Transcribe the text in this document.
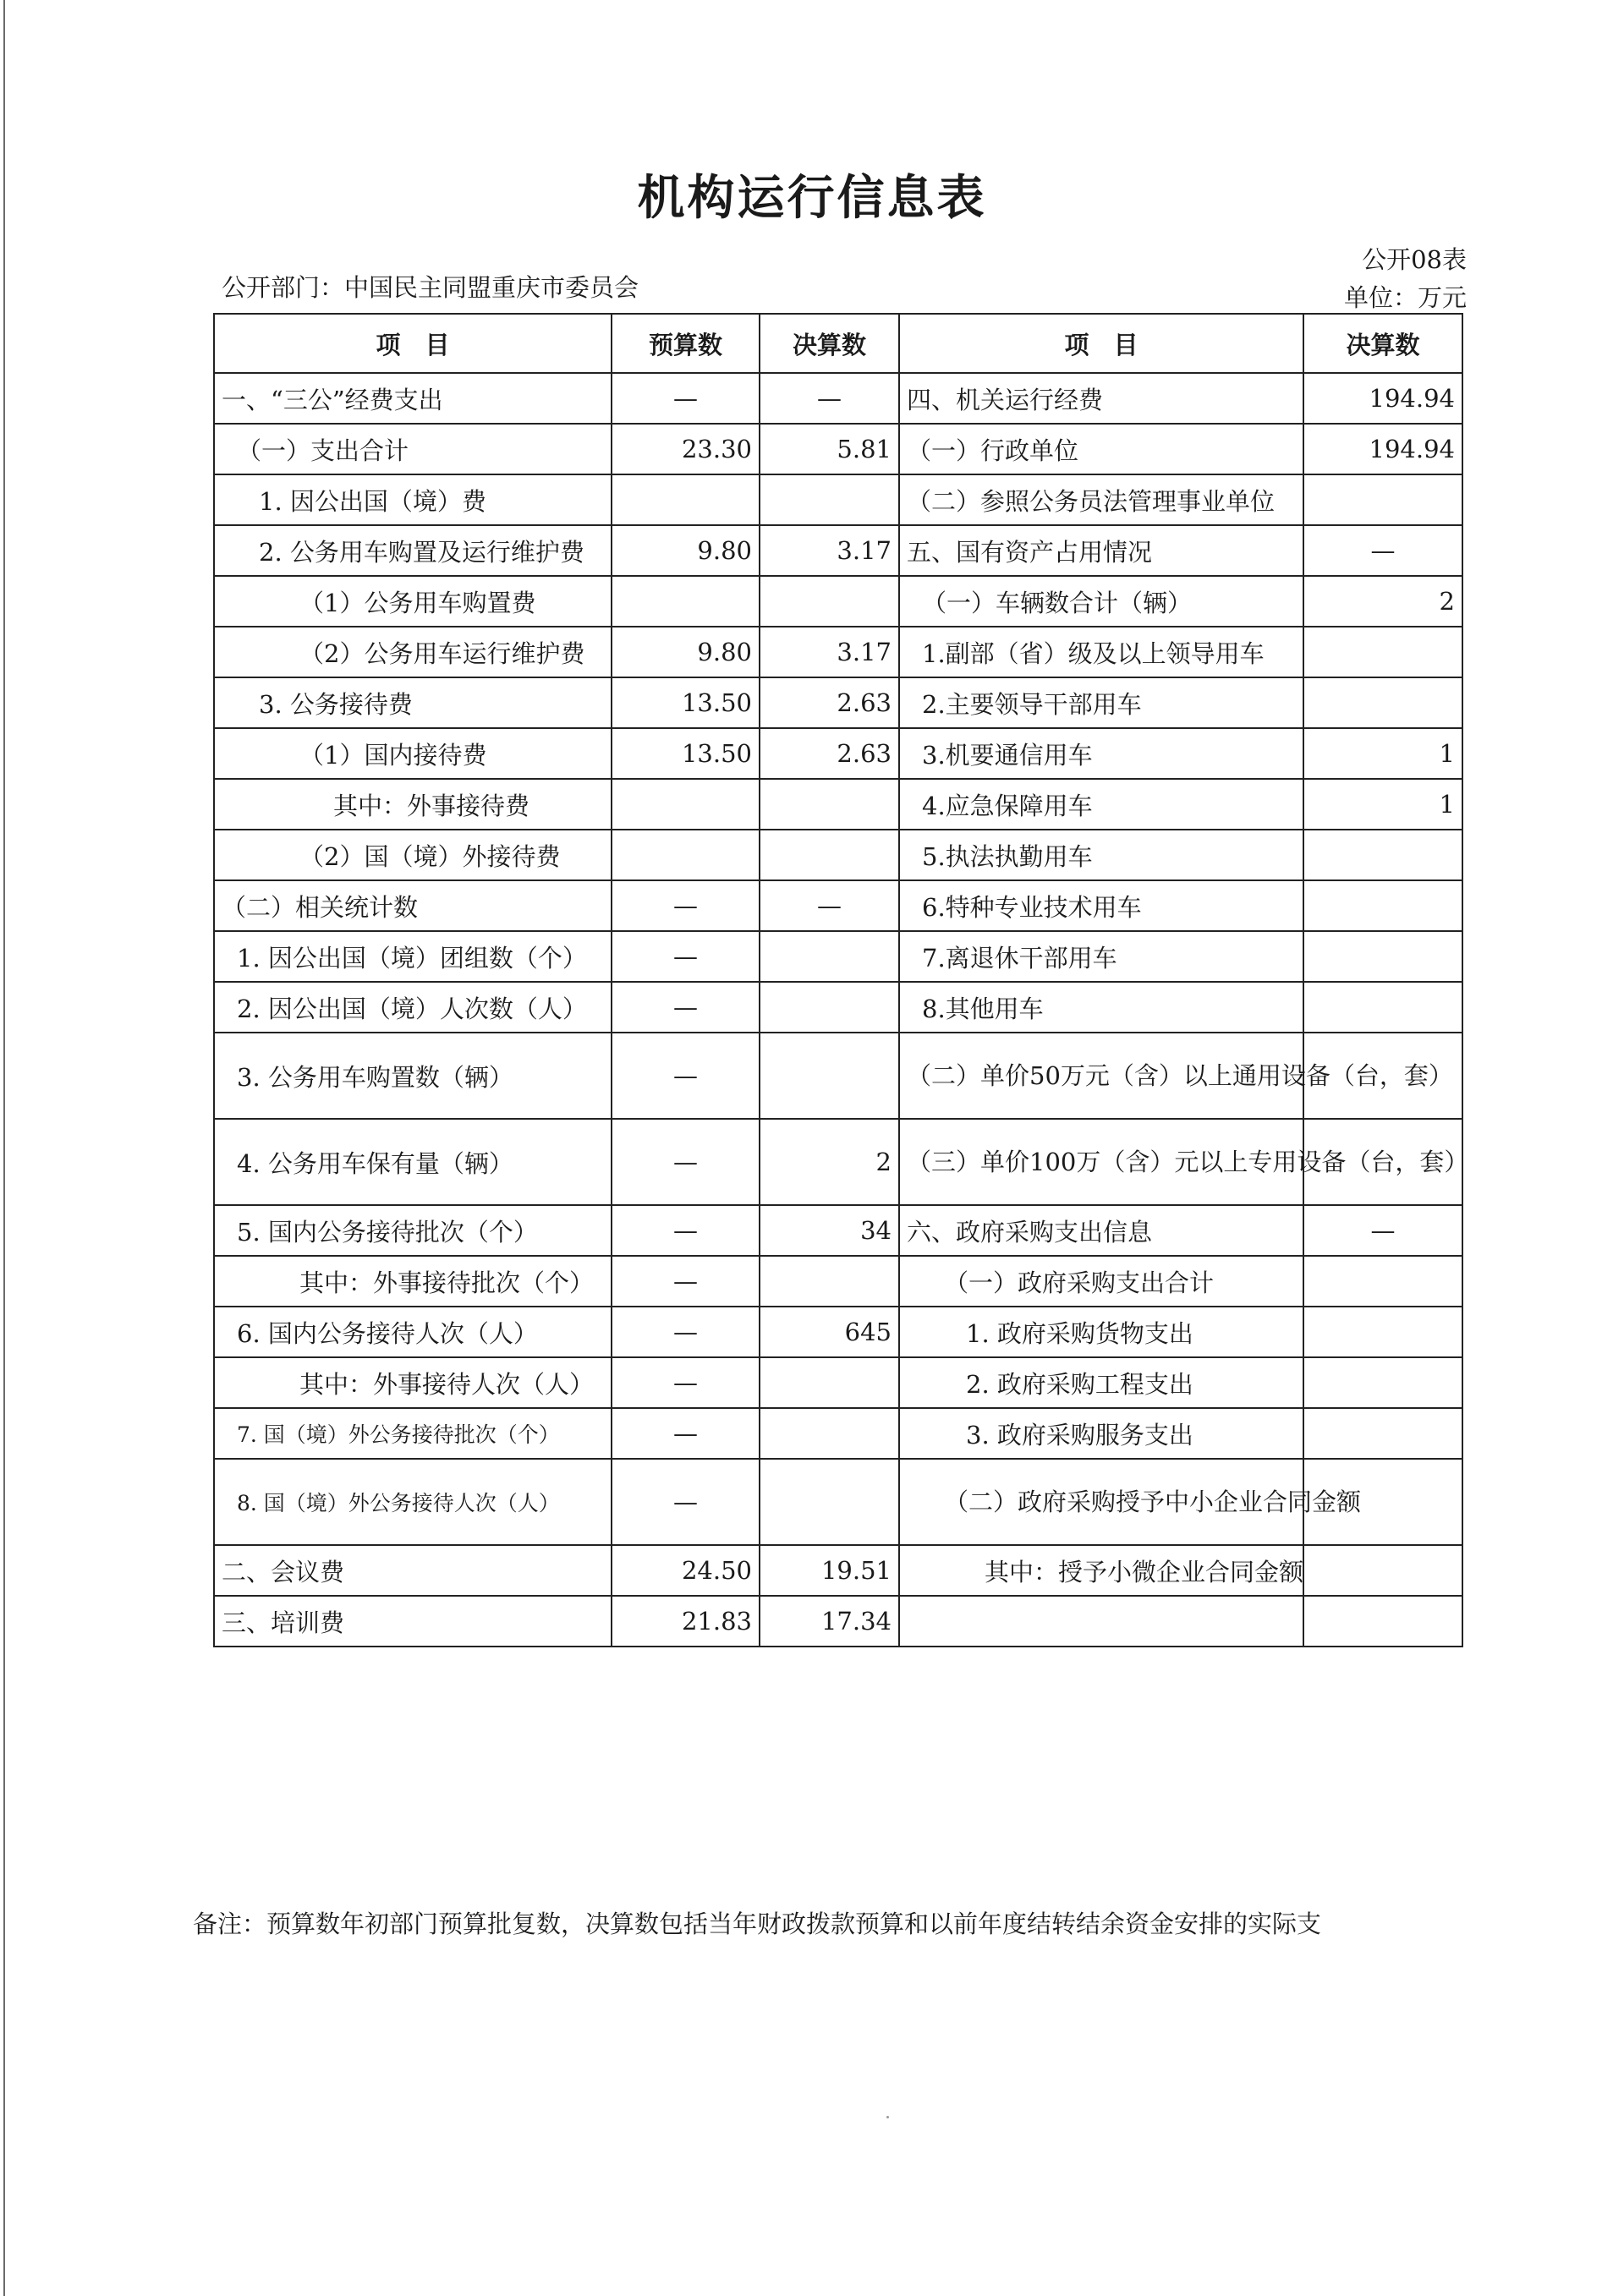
机构运行信息表
公开08表
单位：万元
公开部门：中国民主同盟重庆市委员会
项　目	预算数	决算数	项　目	决算数
一、“三公”经费支出	—	—	四、机关运行经费	194.94
（一）支出合计	23.30	5.81	（一）行政单位	194.94
1. 因公出国（境）费			（二）参照公务员法管理事业单位	
2. 公务用车购置及运行维护费	9.80	3.17	五、国有资产占用情况	—
（1）公务用车购置费			（一）车辆数合计（辆）	2
（2）公务用车运行维护费	9.80	3.17	1.副部（省）级及以上领导用车	
3. 公务接待费	13.50	2.63	2.主要领导干部用车	
（1）国内接待费	13.50	2.63	3.机要通信用车	1
其中：外事接待费			4.应急保障用车	1
（2）国（境）外接待费			5.执法执勤用车	
（二）相关统计数	—	—	6.特种专业技术用车	
1. 因公出国（境）团组数（个）	—		7.离退休干部用车	
2. 因公出国（境）人次数（人）	—		8.其他用车	
3. 公务用车购置数（辆）	—		（二）单价50万元（含）以上通用设备（台，套）	
4. 公务用车保有量（辆）	—	2	（三）单价100万（含）元以上专用设备（台，套）	
5. 国内公务接待批次（个）	—	34	六、政府采购支出信息	—
其中：外事接待批次（个）	—		（一）政府采购支出合计	
6. 国内公务接待人次（人）	—	645	1. 政府采购货物支出	
其中：外事接待人次（人）	—		2. 政府采购工程支出	
7. 国（境）外公务接待批次（个）	—		3. 政府采购服务支出	
8. 国（境）外公务接待人次（人）	—		（二）政府采购授予中小企业合同金额	
二、会议费	24.50	19.51	其中：授予小微企业合同金额	
三、培训费	21.83	17.34		
备注：预算数年初部门预算批复数，决算数包括当年财政拨款预算和以前年度结转结余资金安排的实际支
